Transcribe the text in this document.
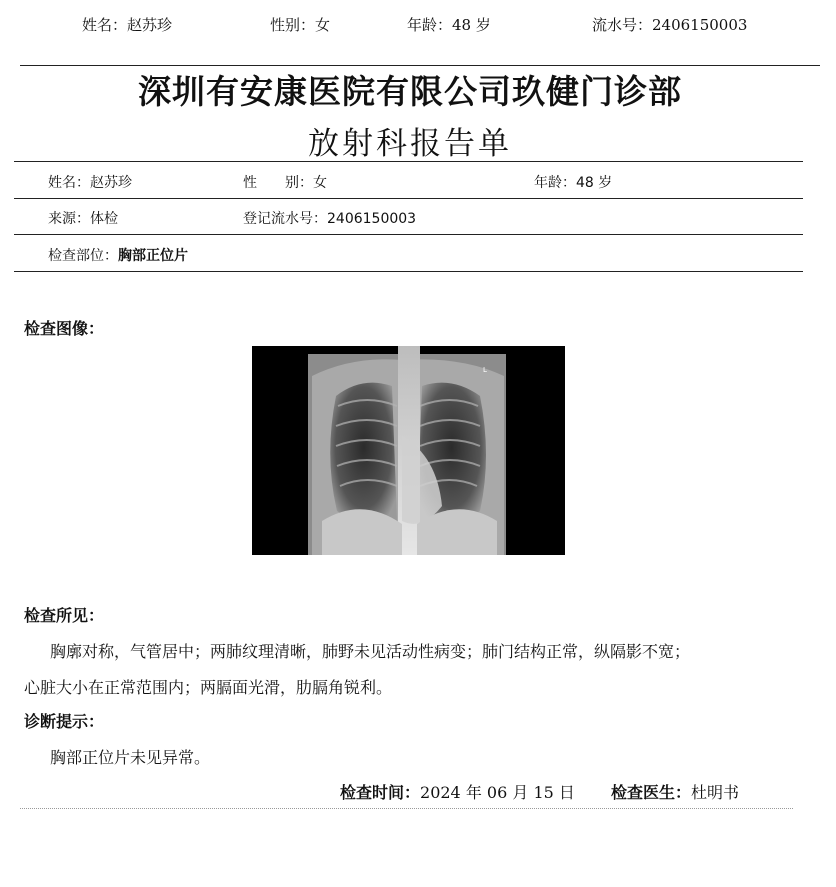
姓名：赵苏珍	性别：女	年龄：48 岁	流水号：2406150003
深圳有安康医院有限公司玖健门诊部
放射科报告单
姓名：赵苏珍	性　　别：女	年龄：48 岁
来源：体检	登记流水号：2406150003
检查部位：胸部正位片
检查图像：
L
检查所见：
胸廓对称，气管居中；两肺纹理清晰，肺野未见活动性病变；肺门结构正常，纵隔影不宽；
心脏大小在正常范围内；两膈面光滑，肋膈角锐利。
诊断提示：
胸部正位片未见异常。
检查时间：2024 年 06 月 15 日 检查医生：杜明书
